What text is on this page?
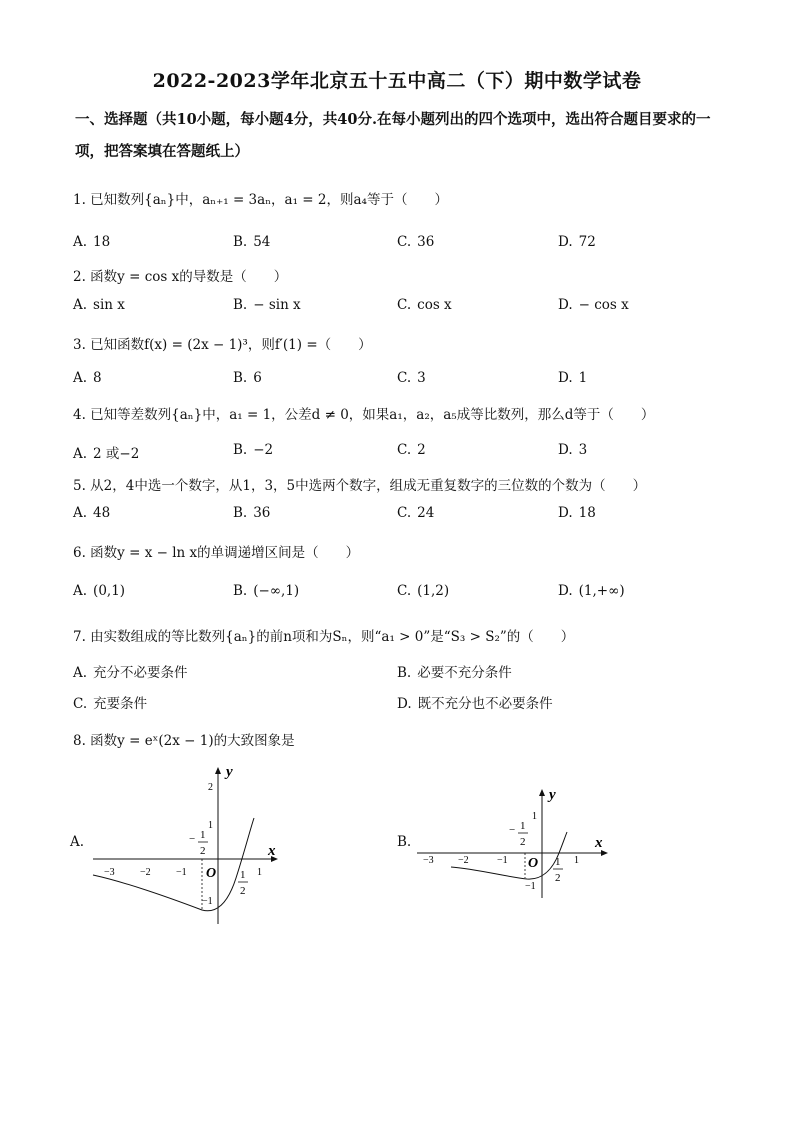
2022-2023学年北京五十五中高二（下）期中数学试卷
一、选择题（共10小题，每小题4分，共40分.在每小题列出的四个选项中，选出符合题目要求的一项，把答案填在答题纸上）
1. 已知数列{aₙ}中，aₙ₊₁ = 3aₙ，a₁ = 2，则a₄等于（　　）
A. 18	B. 54	C. 36	D. 72
2. 函数y = cos x的导数是（　　）
A. sin x	B. − sin x	C. cos x	D. − cos x
3. 已知函数f(x) = (2x − 1)³，则f′(1) =（　　）
A. 8	B. 6	C. 3	D. 1
4. 已知等差数列{aₙ}中，a₁ = 1，公差d ≠ 0，如果a₁，a₂，a₅成等比数列，那么d等于（　　）
A. 2 或−2	B. −2	C. 2	D. 3
5. 从2，4中选一个数字，从1，3，5中选两个数字，组成无重复数字的三位数的个数为（　　）
A. 48	B. 36	C. 24	D. 18
6. 函数y = x − ln x的单调递增区间是（　　）
A. (0,1)	B. (−∞,1)	C. (1,2)	D. (1,+∞)
7. 由实数组成的等比数列{aₙ}的前n项和为Sₙ，则“a₁ > 0”是“S₃ > S₂”的（　　）
A. 充分不必要条件	B. 必要不充分条件
C. 充要条件	D. 既不充分也不必要条件
8. 函数y = eˣ(2x − 1)的大致图象是
A.	B.
x
y
O
−3	−2	−1	1
2
1
−1
− 1
2
1
2
x
y
O
−3 −2	−1	1
1
−1
− 1
2
1
2
